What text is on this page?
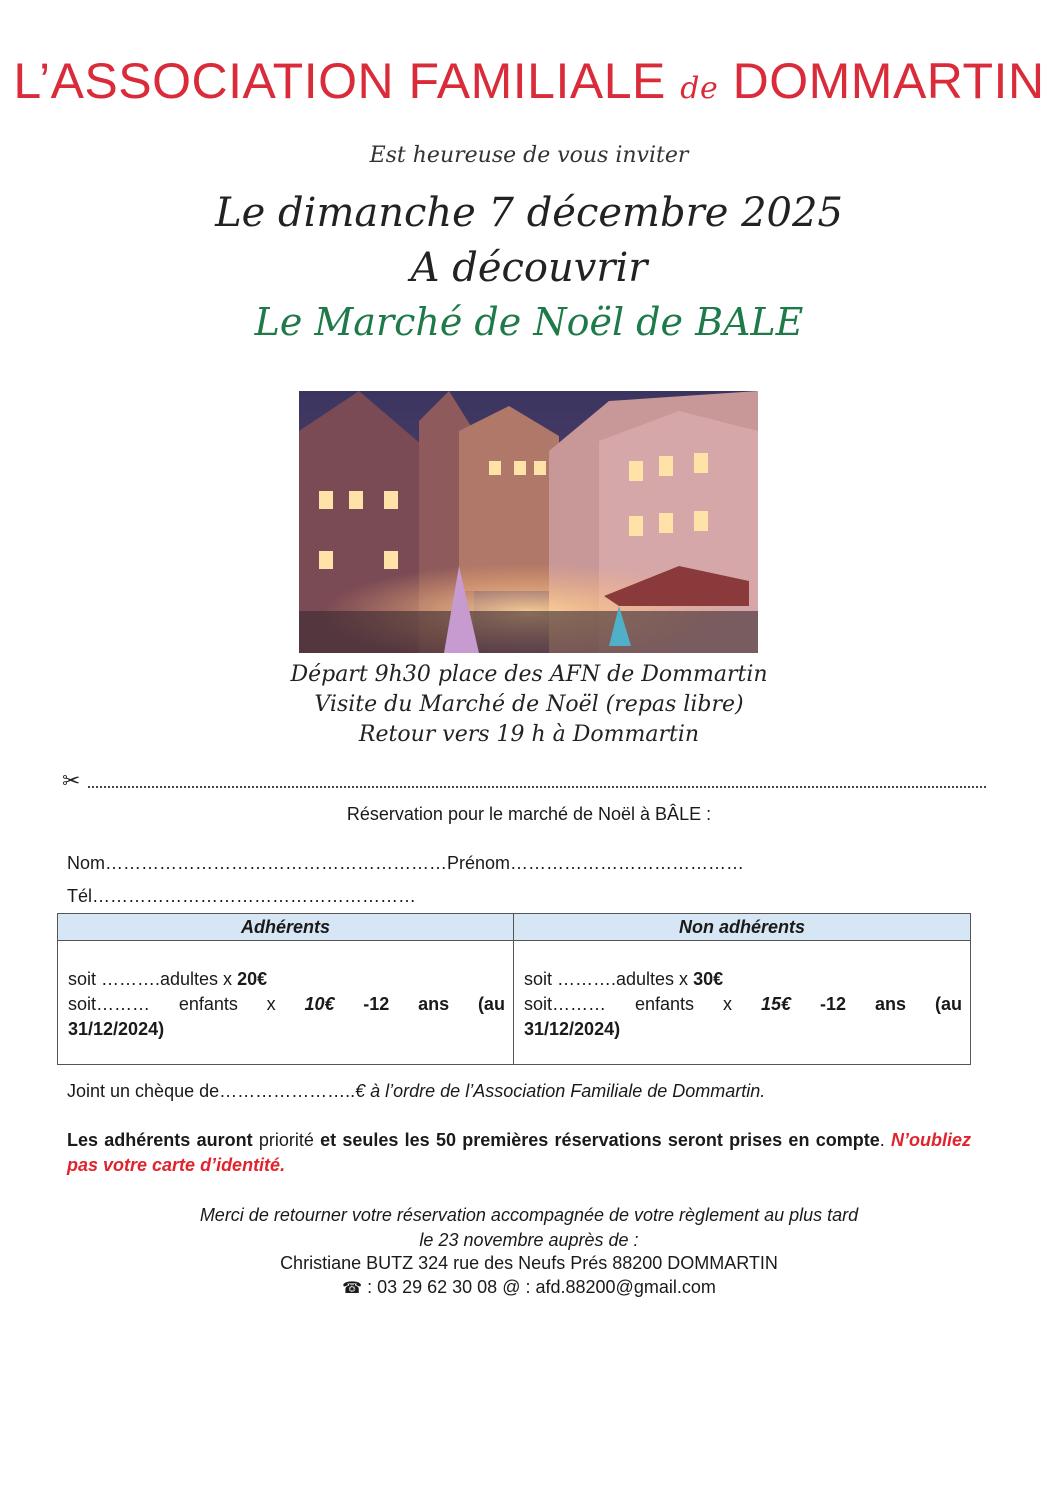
L’ASSOCIATION FAMILIALE de DOMMARTIN
Est heureuse de vous inviter
Le dimanche 7 décembre 2025
A découvrir
Le Marché de Noël de BALE
Départ 9h30 place des AFN de Dommartin
Visite du Marché de Noël (repas libre)
Retour vers 19 h à Dommartin
✂
Réservation pour le marché de Noël à BÂLE :
Nom…………………………………………………Prénom…………………………………
Tél………………………………………………
Adhérents
soit ……….adultes x 20€
soit……… enfants x 10€ -12 ans (au
31/12/2024)
Non adhérents
soit ……….adultes x 30€
soit……… enfants x 15€ -12 ans (au
31/12/2024)
Joint un chèque de…………………..€ à l’ordre de l’Association Familiale de Dommartin.
Les adhérents auront priorité et seules les 50 premières réservations seront prises en compte. N’oubliez pas votre carte d’identité.
Merci de retourner votre réservation accompagnée de votre règlement au plus tard
le 23 novembre auprès de :
Christiane BUTZ 324 rue des Neufs Prés 88200 DOMMARTIN
☎ : 03 29 62 30 08 @ : afd.88200@gmail.com
